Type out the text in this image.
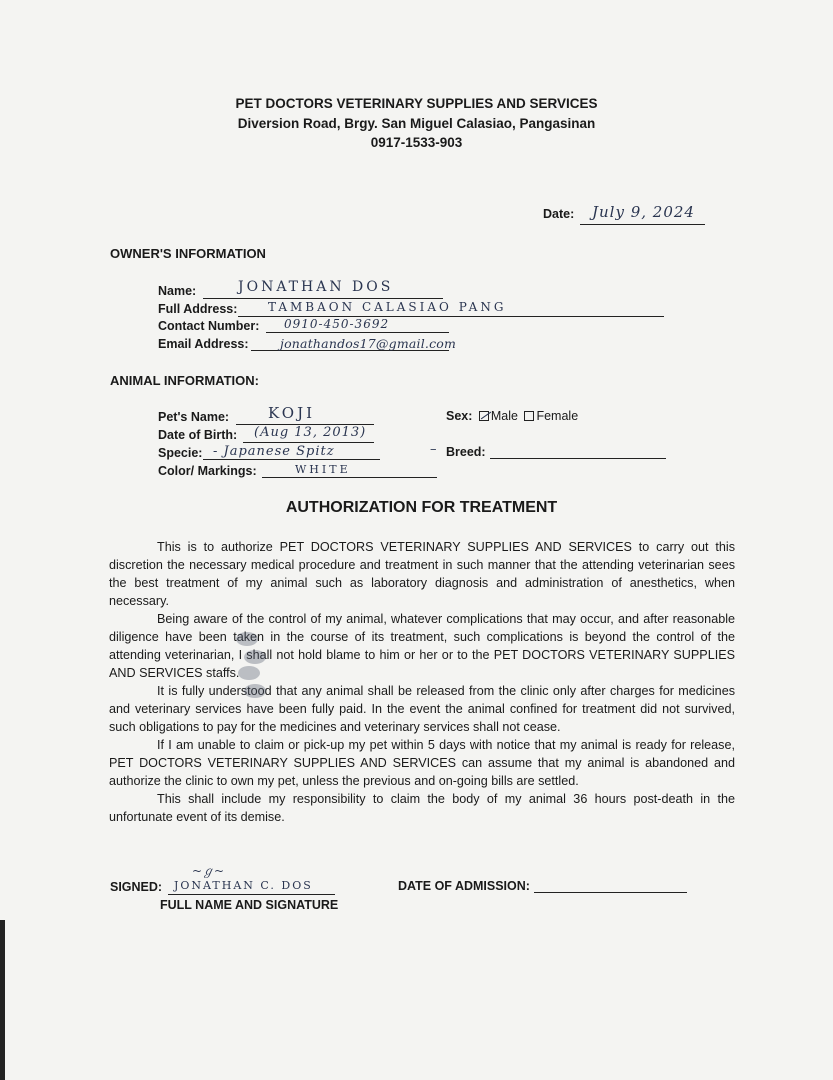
PET DOCTORS VETERINARY SUPPLIES AND SERVICES
Diversion Road, Brgy. San Miguel Calasiao, Pangasinan
0917-1533-903
Date: July 9, 2024
OWNER'S INFORMATION
Name:	JONATHAN DOS
Full Address:	TAMBAON CALASIAO PANG
Contact Number: 0910-450-3692
Email Address:	jonathandos17@gmail.com
ANIMAL INFORMATION:
Pet's Name:	KOJI
Date of Birth: (Aug 13, 2013)
Specie: - Japanese Spitz
Color/ Markings:	WHITE
Sex: Male Female
– Breed:
AUTHORIZATION FOR TREATMENT

This is to authorize PET DOCTORS VETERINARY SUPPLIES AND SERVICES to carry out this discretion the necessary medical procedure and treatment in such manner that the attending veterinarian sees the best treatment of my animal such as laboratory diagnosis and administration of anesthetics, when necessary.

Being aware of the control of my animal, whatever complications that may occur, and after reasonable diligence have been taken in the course of its treatment, such complications is beyond the control of the attending veterinarian, I shall not hold blame to him or her or to the PET DOCTORS VETERINARY SUPPLIES AND SERVICES staffs.

It is fully understood that any animal shall be released from the clinic only after charges for medicines and veterinary services have been fully paid. In the event the animal confined for treatment did not survived, such obligations to pay for the medicines and veterinary services shall not cease.

If I am unable to claim or pick-up my pet within 5 days with notice that my animal is ready for release, PET DOCTORS VETERINARY SUPPLIES AND SERVICES can assume that my animal is abandoned and authorize the clinic to own my pet, unless the previous and on-going bills are settled.

This shall include my responsibility to claim the body of my animal 36 hours post-death in the unfortunate event of its demise.

SIGNED:
~ℊ~
JONATHAN C. DOS
FULL NAME AND SIGNATURE
DATE OF ADMISSION:
